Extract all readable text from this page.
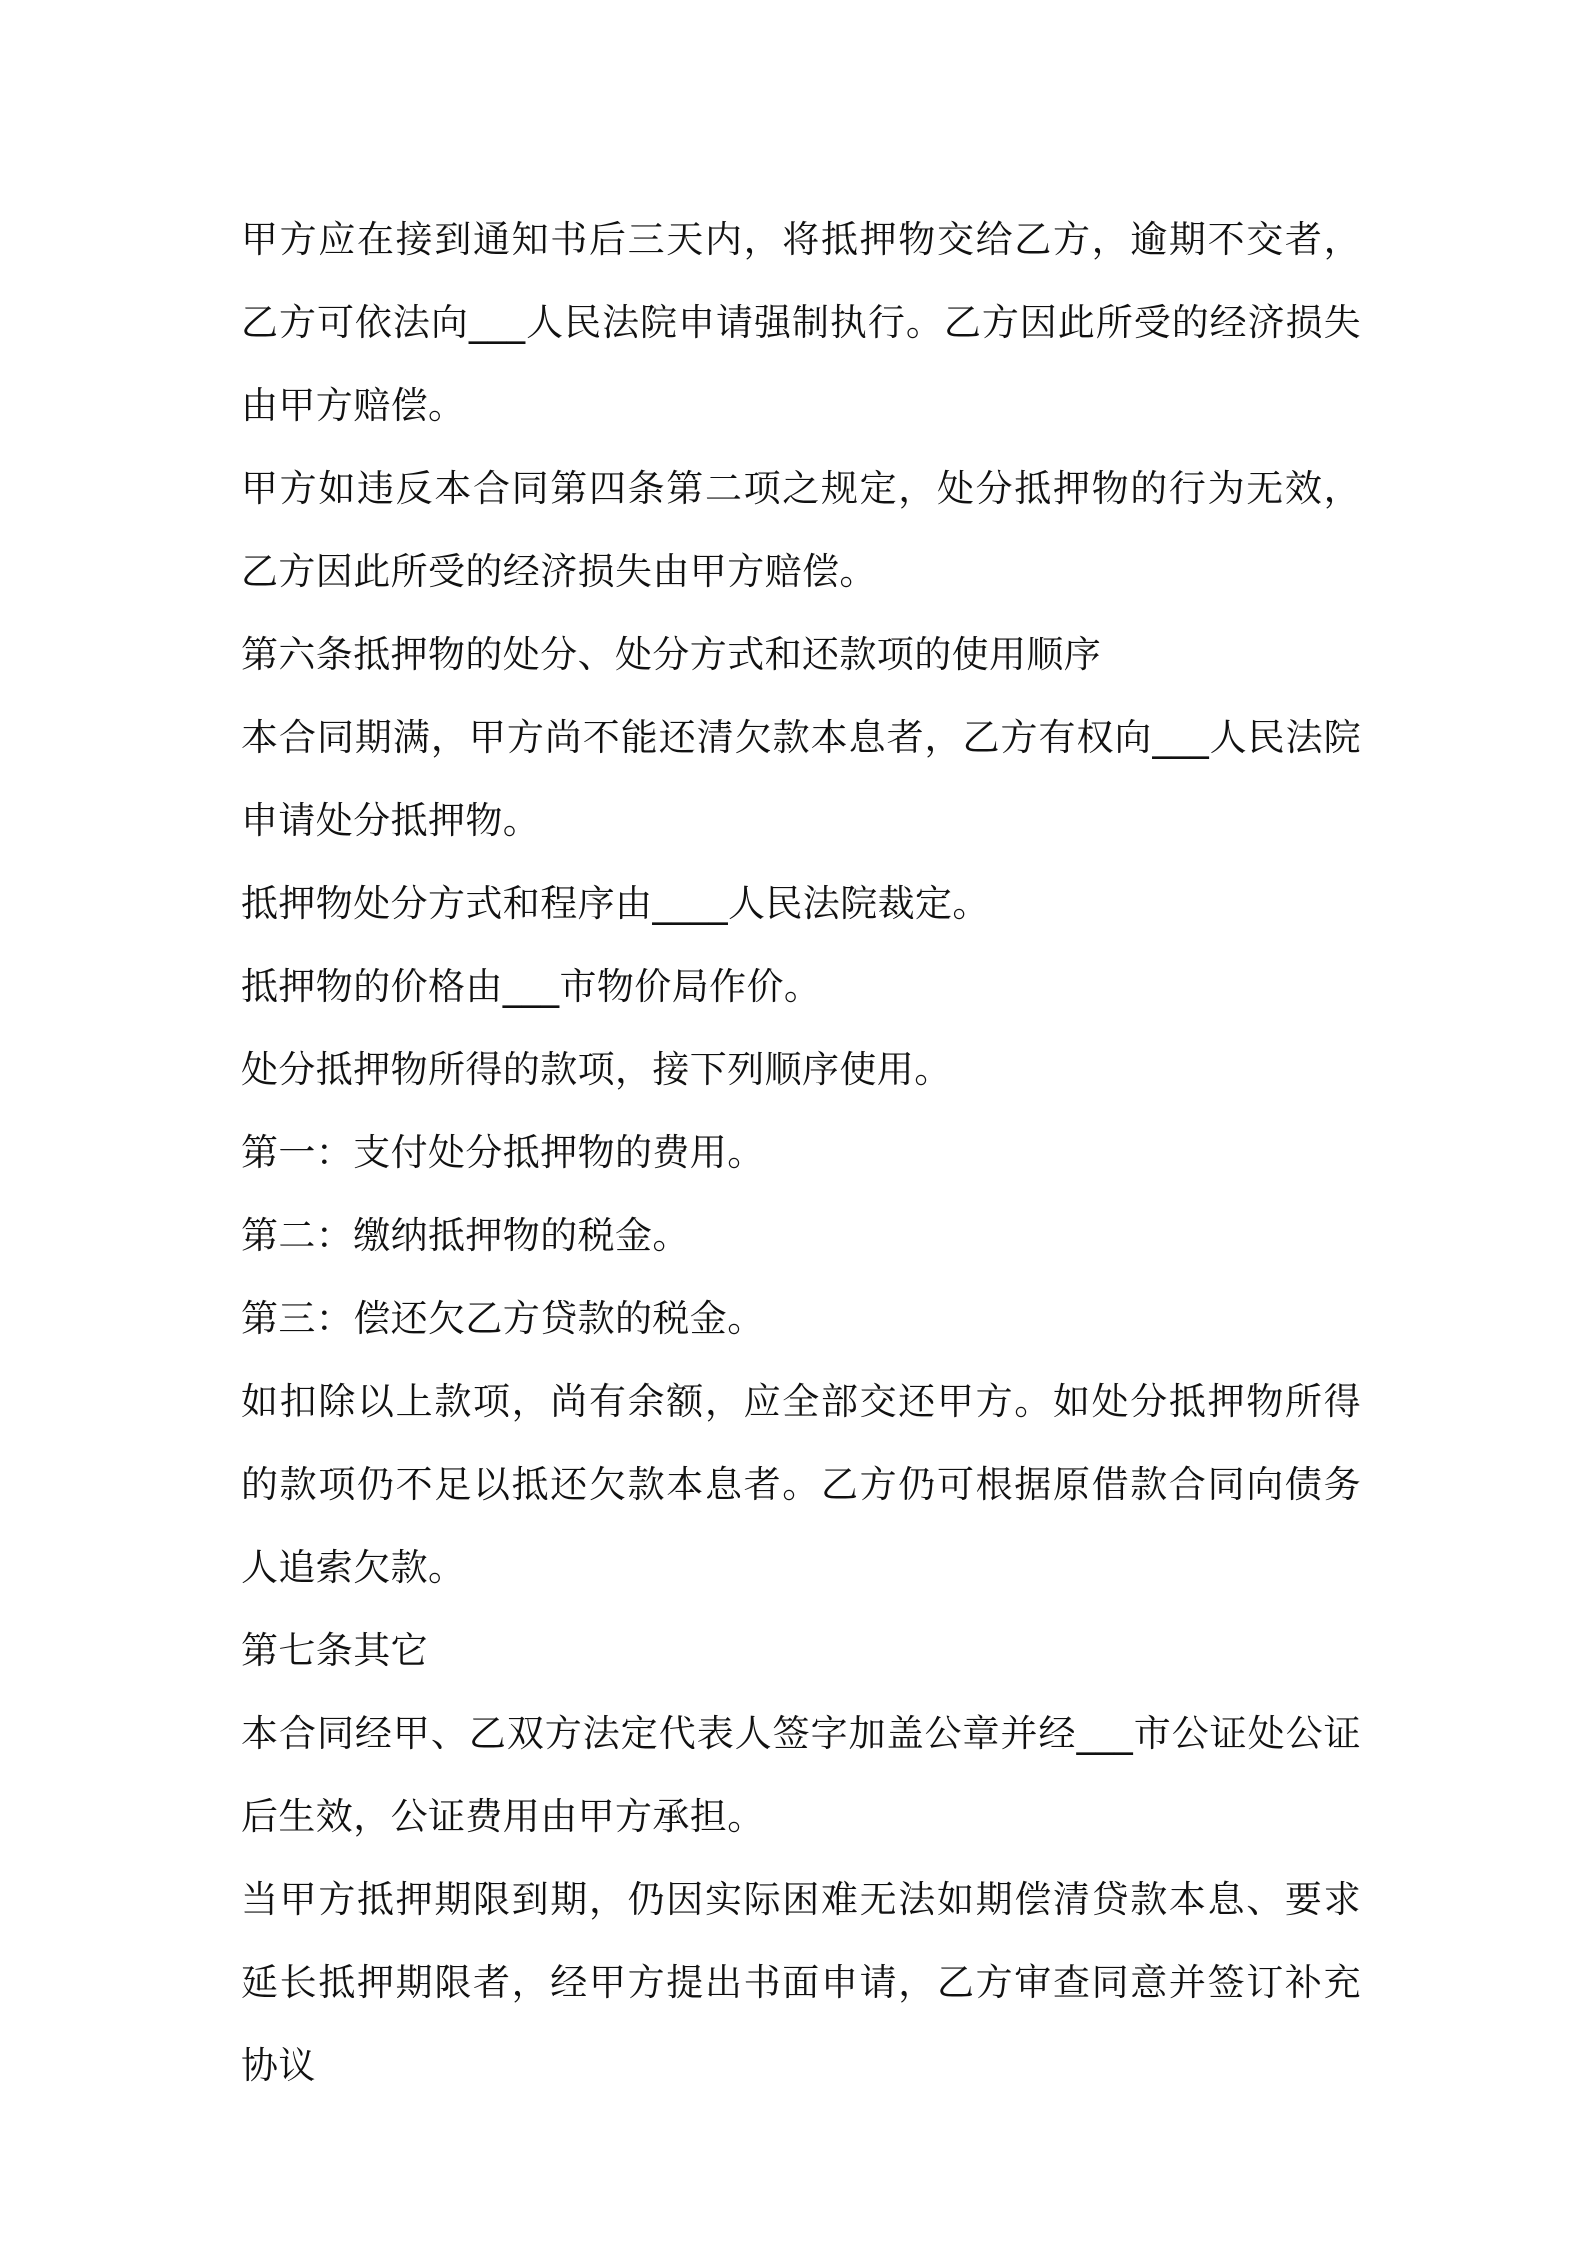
甲方应在接到通知书后三天内，将抵押物交给乙方，逾期不交者，乙方可依法向___人民法院申请强制执行。乙方因此所受的经济损失由甲方赔偿。

甲方如违反本合同第四条第二项之规定，处分抵押物的行为无效，乙方因此所受的经济损失由甲方赔偿。

第六条抵押物的处分、处分方式和还款项的使用顺序

本合同期满，甲方尚不能还清欠款本息者，乙方有权向___人民法院申请处分抵押物。

抵押物处分方式和程序由____人民法院裁定。

抵押物的价格由___市物价局作价。

处分抵押物所得的款项，接下列顺序使用。

第一：支付处分抵押物的费用。

第二：缴纳抵押物的税金。

第三：偿还欠乙方贷款的税金。

如扣除以上款项，尚有余额，应全部交还甲方。如处分抵押物所得的款项仍不足以抵还欠款本息者。乙方仍可根据原借款合同向债务人追索欠款。

第七条其它

本合同经甲、乙双方法定代表人签字加盖公章并经___市公证处公证后生效，公证费用由甲方承担。

当甲方抵押期限到期，仍因实际困难无法如期偿清贷款本息、要求延长抵押期限者，经甲方提出书面申请，乙方审查同意并签订补充协议
